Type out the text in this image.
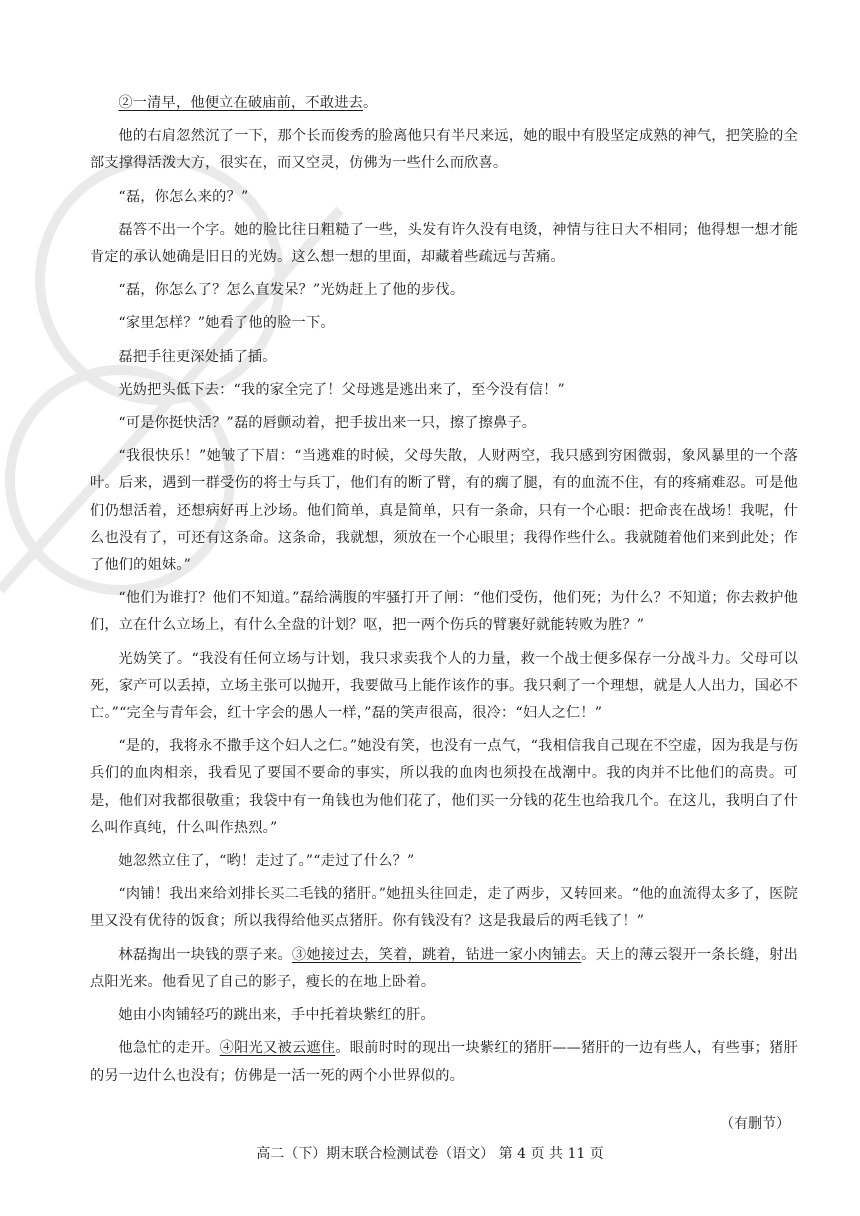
②一清早，他便立在破庙前，不敢进去。

他的右肩忽然沉了一下，那个长而俊秀的脸离他只有半尺来远，她的眼中有股坚定成熟的神气，把笑脸的全部支撑得活泼大方，很实在，而又空灵，仿佛为一些什么而欣喜。

“磊，你怎么来的？”

磊答不出一个字。她的脸比往日粗糙了一些，头发有许久没有电烫，神情与往日大不相同；他得想一想才能肯定的承认她确是旧日的光妫。这么想一想的里面，却藏着些疏远与苦痛。

“磊，你怎么了？怎么直发呆？”光妫赶上了他的步伐。

“家里怎样？”她看了他的脸一下。

磊把手往更深处插了插。

光妫把头低下去：“我的家全完了！父母逃是逃出来了，至今没有信！”

“可是你挺快活？”磊的唇颤动着，把手拔出来一只，擦了擦鼻子。

“我很快乐！”她皱了下眉：“当逃难的时候，父母失散，人财两空，我只感到穷困微弱，象风暴里的一个落叶。后来，遇到一群受伤的将士与兵丁，他们有的断了臂，有的瘸了腿，有的血流不住，有的疼痛难忍。可是他们仍想活着，还想病好再上沙场。他们简单，真是简单，只有一条命，只有一个心眼：把命丧在战场！我呢，什么也没有了，可还有这条命。这条命，我就想，须放在一个心眼里；我得作些什么。我就随着他们来到此处；作了他们的姐妹。”

“他们为谁打？他们不知道。”磊给满腹的牢骚打开了闸：“他们受伤，他们死；为什么？不知道；你去救护他们，立在什么立场上，有什么全盘的计划？呕，把一两个伤兵的臂裹好就能转败为胜？”

光妫笑了。“我没有任何立场与计划，我只求卖我个人的力量，救一个战士便多保存一分战斗力。父母可以死，家产可以丢掉，立场主张可以抛开，我要做马上能作该作的事。我只剩了一个理想，就是人人出力，国必不亡。”“完全与青年会，红十字会的愚人一样，”磊的笑声很高，很冷：“妇人之仁！”

“是的，我将永不撒手这个妇人之仁。”她没有笑，也没有一点气，“我相信我自己现在不空虚，因为我是与伤兵们的血肉相亲，我看见了要国不要命的事实，所以我的血肉也须投在战潮中。我的肉并不比他们的高贵。可是，他们对我都很敬重；我袋中有一角钱也为他们花了，他们买一分钱的花生也给我几个。在这儿，我明白了什么叫作真纯，什么叫作热烈。”

她忽然立住了，“哟！走过了。”“走过了什么？”

“肉铺！我出来给刘排长买二毛钱的猪肝。”她扭头往回走，走了两步，又转回来。“他的血流得太多了，医院里又没有优待的饭食；所以我得给他买点猪肝。你有钱没有？这是我最后的两毛钱了！”

林磊掏出一块钱的票子来。③她接过去，笑着，跳着，钻进一家小肉铺去。天上的薄云裂开一条长缝，射出点阳光来。他看见了自己的影子，瘦长的在地上卧着。

她由小肉铺轻巧的跳出来，手中托着块紫红的肝。

他急忙的走开。④阳光又被云遮住。眼前时时的现出一块紫红的猪肝——猪肝的一边有些人，有些事；猪肝的另一边什么也没有；仿佛是一活一死的两个小世界似的。

（有删节）
高二（下）期末联合检测试卷（语文） 第 4 页 共 11 页
